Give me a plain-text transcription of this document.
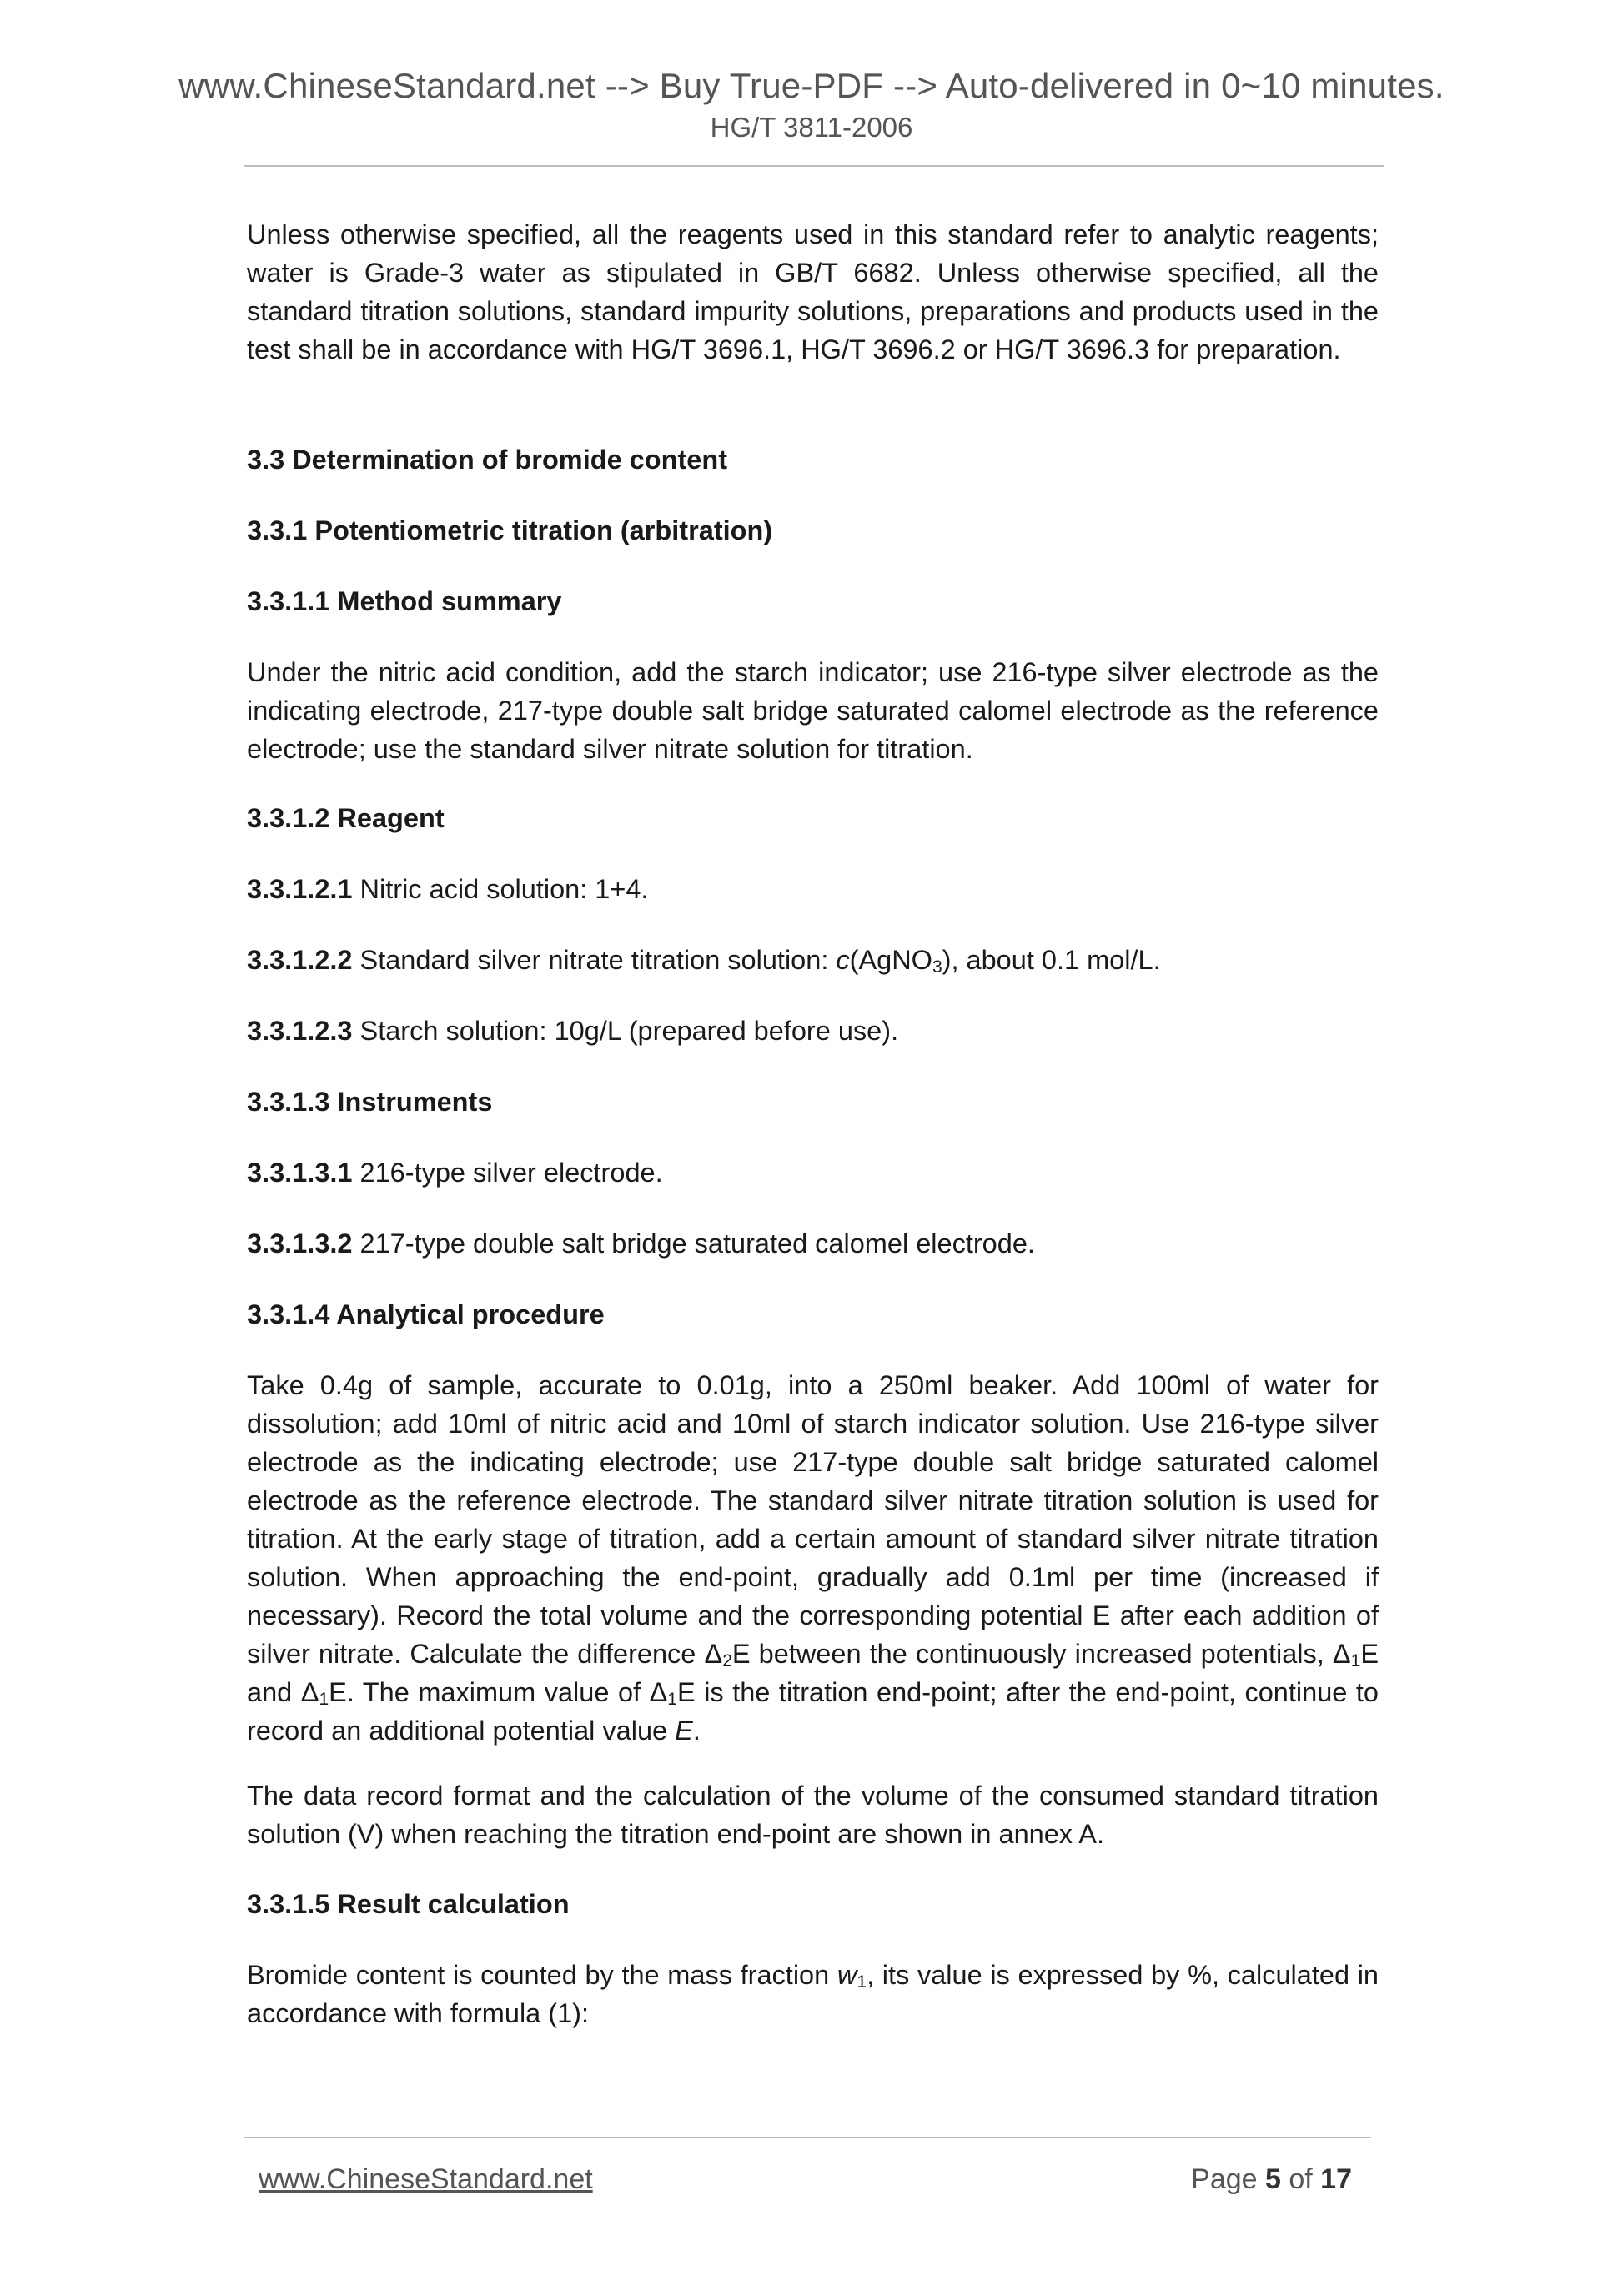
www.ChineseStandard.net --> Buy True-PDF --> Auto-delivered in 0~10 minutes.
HG/T 3811-2006

Unless otherwise specified, all the reagents used in this standard refer to analytic reagents; water is Grade-3 water as stipulated in GB/T 6682. Unless otherwise specified, all the standard titration solutions, standard impurity solutions, preparations and products used in the test shall be in accordance with HG/T 3696.1, HG/T 3696.2 or HG/T 3696.3 for preparation.

3.3 Determination of bromide content

3.3.1 Potentiometric titration (arbitration)

3.3.1.1 Method summary

Under the nitric acid condition, add the starch indicator; use 216-type silver electrode as the indicating electrode, 217-type double salt bridge saturated calomel electrode as the reference electrode; use the standard silver nitrate solution for titration.

3.3.1.2 Reagent

3.3.1.2.1 Nitric acid solution: 1+4.

3.3.1.2.2 Standard silver nitrate titration solution: c(AgNO$_3$), about 0.1 mol/L.

3.3.1.2.3 Starch solution: 10g/L (prepared before use).

3.3.1.3 Instruments

3.3.1.3.1 216-type silver electrode.

3.3.1.3.2 217-type double salt bridge saturated calomel electrode.

3.3.1.4 Analytical procedure

Take 0.4g of sample, accurate to 0.01g, into a 250ml beaker. Add 100ml of water for dissolution; add 10ml of nitric acid and 10ml of starch indicator solution. Use 216-type silver electrode as the indicating electrode; use 217-type double salt bridge saturated calomel electrode as the reference electrode. The standard silver nitrate titration solution is used for titration. At the early stage of titration, add a certain amount of standard silver nitrate titration solution. When approaching the end-point, gradually add 0.1ml per time (increased if necessary). Record the total volume and the corresponding potential E after each addition of silver nitrate. Calculate the difference $\Delta_2E$ between the continuously increased potentials, $\Delta_1E$ and $\Delta_1E$. The maximum value of $\Delta_1E$ is the titration end-point; after the end-point, continue to record an additional potential value E.

The data record format and the calculation of the volume of the consumed standard titration solution (V) when reaching the titration end-point are shown in annex A.

3.3.1.5 Result calculation

Bromide content is counted by the mass fraction $w_1$, its value is expressed by %, calculated in accordance with formula (1):

www.ChineseStandard.net	Page 5 of 17
